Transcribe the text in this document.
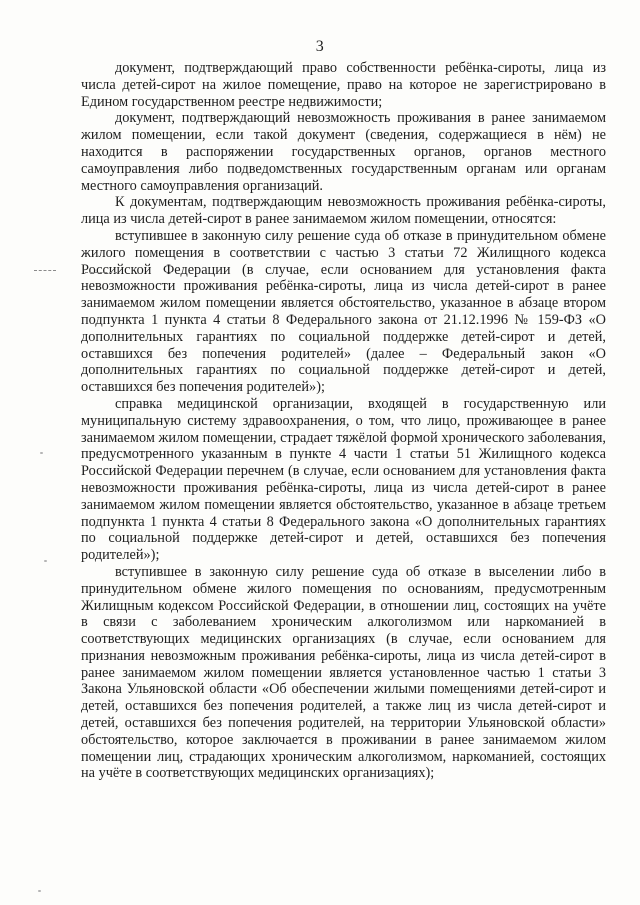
3

документ, подтверждающий право собственности ребёнка-сироты, лица из числа детей-сирот на жилое помещение, право на которое не зарегистрировано в Едином государственном реестре недвижимости;

документ, подтверждающий невозможность проживания в ранее занимаемом жилом помещении, если такой документ (сведения, содержащиеся в нём) не находится в распоряжении государственных органов, органов местного самоуправления либо подведомственных государственным органам или органам местного самоуправления организаций.

К документам, подтверждающим невозможность проживания ребёнка-сироты, лица из числа детей-сирот в ранее занимаемом жилом помещении, относятся:

вступившее в законную силу решение суда об отказе в принудительном обмене жилого помещения в соответствии с частью 3 статьи 72 Жилищного кодекса Российской Федерации (в случае, если основанием для установления факта невозможности проживания ребёнка-сироты, лица из числа детей-сирот в ранее занимаемом жилом помещении является обстоятельство, указанное в абзаце втором подпункта 1 пункта 4 статьи 8 Федерального закона от 21.12.1996 № 159-ФЗ «О дополнительных гарантиях по социальной поддержке детей-сирот и детей, оставшихся без попечения родителей» (далее – Федеральный закон «О дополнительных гарантиях по социальной поддержке детей-сирот и детей, оставшихся без попечения родителей»);

справка медицинской организации, входящей в государственную или муниципальную систему здравоохранения, о том, что лицо, проживающее в ранее занимаемом жилом помещении, страдает тяжёлой формой хронического заболевания, предусмотренного указанным в пункте 4 части 1 статьи 51 Жилищного кодекса Российской Федерации перечнем (в случае, если основанием для установления факта невозможности проживания ребёнка-сироты, лица из числа детей-сирот в ранее занимаемом жилом помещении является обстоятельство, указанное в абзаце третьем подпункта 1 пункта 4 статьи 8 Федерального закона «О дополнительных гарантиях по социальной поддержке детей-сирот и детей, оставшихся без попечения родителей»);

вступившее в законную силу решение суда об отказе в выселении либо в принудительном обмене жилого помещения по основаниям, предусмотренным Жилищным кодексом Российской Федерации, в отношении лиц, состоящих на учёте в связи с заболеванием хроническим алкоголизмом или наркоманией в соответствующих медицинских организациях (в случае, если основанием для признания невозможным проживания ребёнка-сироты, лица из числа детей-сирот в ранее занимаемом жилом помещении является установленное частью 1 статьи 3 Закона Ульяновской области «Об обеспечении жилыми помещениями детей-сирот и детей, оставшихся без попечения родителей, а также лиц из числа детей-сирот и детей, оставшихся без попечения родителей, на территории Ульяновской области» обстоятельство, которое заключается в проживании в ранее занимаемом жилом помещении лиц, страдающих хроническим алкоголизмом, наркоманией, состоящих на учёте в соответствующих медицинских организациях);
